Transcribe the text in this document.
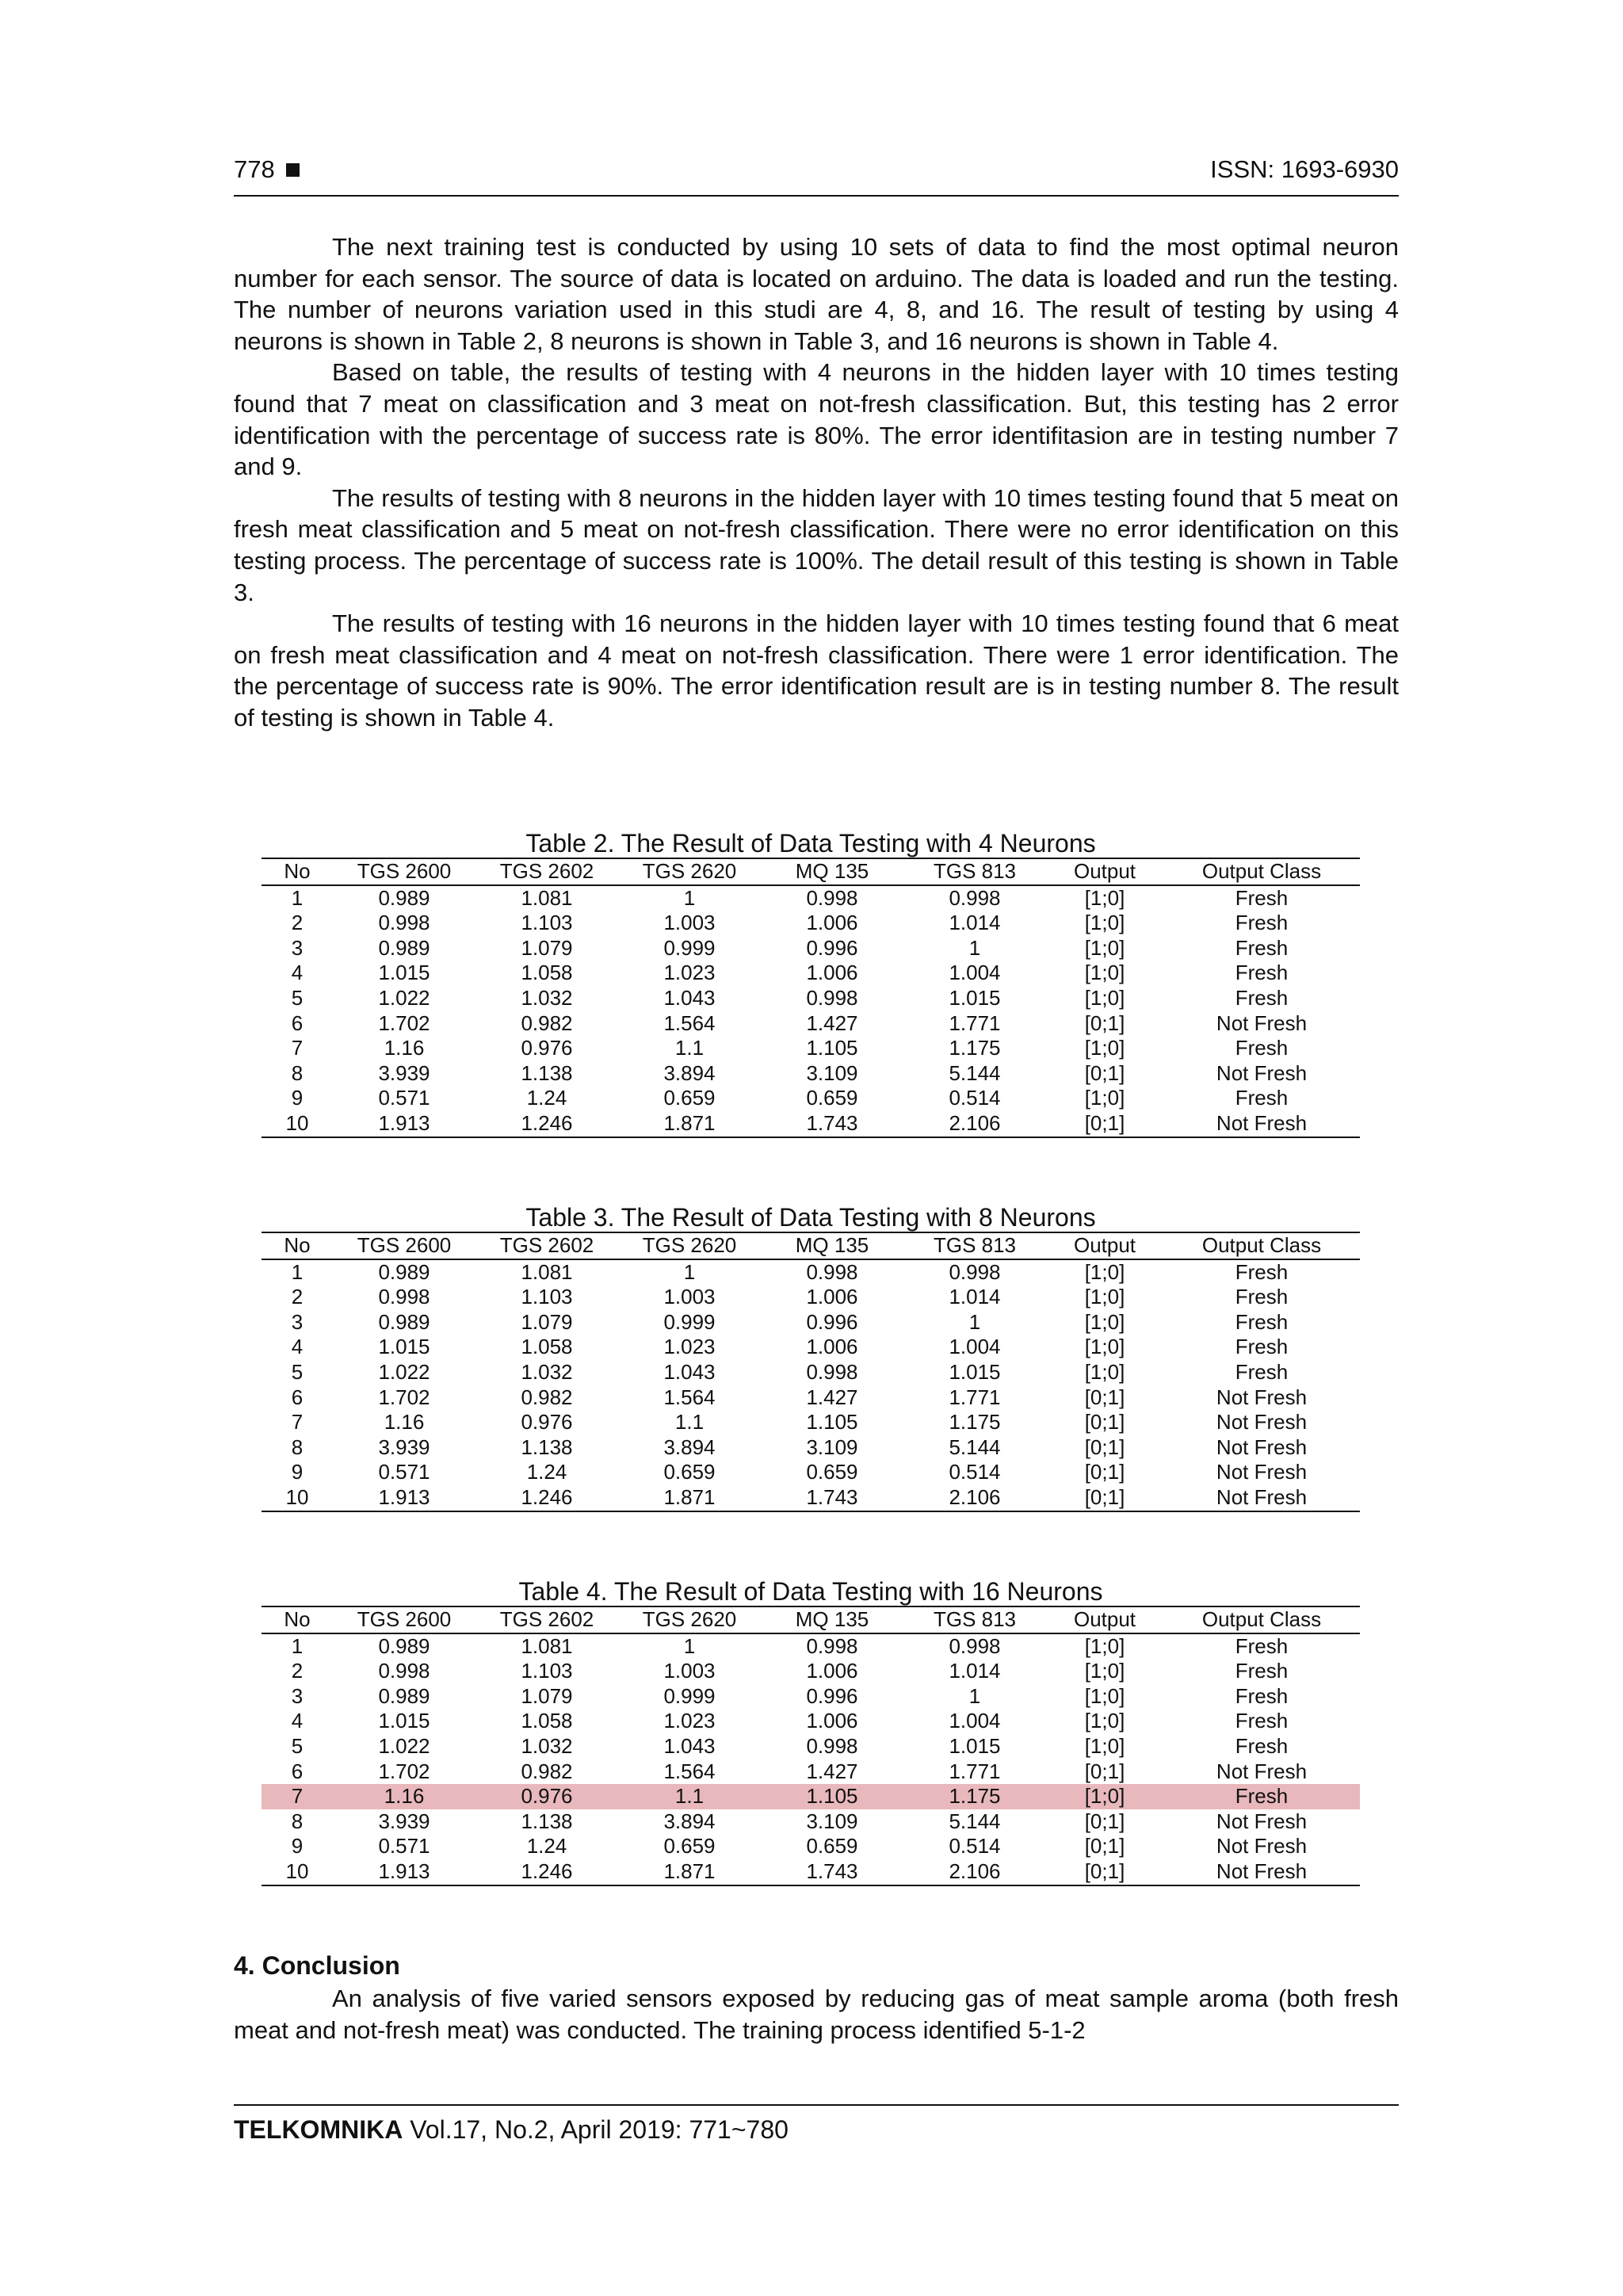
778	ISSN: 1693-6930

The next training test is conducted by using 10 sets of data to find the most optimal neuron number for each sensor. The source of data is located on arduino. The data is loaded and run the testing. The number of neurons variation used in this studi are 4, 8, and 16. The result of testing by using 4 neurons is shown in Table 2, 8 neurons is shown in Table 3, and 16 neurons is shown in Table 4.

Based on table, the results of testing with 4 neurons in the hidden layer with 10 times testing found that 7 meat on classification and 3 meat on not-fresh classification. But, this testing has 2 error identification with the percentage of success rate is 80%. The error identifitasion are in testing number 7 and 9.

The results of testing with 8 neurons in the hidden layer with 10 times testing found that 5 meat on fresh meat classification and 5 meat on not-fresh classification. There were no error identification on this testing process. The percentage of success rate is 100%. The detail result of this testing is shown in Table 3.

The results of testing with 16 neurons in the hidden layer with 10 times testing found that 6 meat on fresh meat classification and 4 meat on not-fresh classification. There were 1 error identification. The the percentage of success rate is 90%. The error identification result are is in testing number 8. The result of testing is shown in Table 4.

Table 2. The Result of Data Testing with 4 Neurons
No	TGS 2600	TGS 2602	TGS 2620	MQ 135	TGS 813	Output	Output Class
1	0.989	1.081	1	0.998	0.998	[1;0]	Fresh
2	0.998	1.103	1.003	1.006	1.014	[1;0]	Fresh
3	0.989	1.079	0.999	0.996	1	[1;0]	Fresh
4	1.015	1.058	1.023	1.006	1.004	[1;0]	Fresh
5	1.022	1.032	1.043	0.998	1.015	[1;0]	Fresh
6	1.702	0.982	1.564	1.427	1.771	[0;1]	Not Fresh
7	1.16	0.976	1.1	1.105	1.175	[1;0]	Fresh
8	3.939	1.138	3.894	3.109	5.144	[0;1]	Not Fresh
9	0.571	1.24	0.659	0.659	0.514	[1;0]	Fresh
10	1.913	1.246	1.871	1.743	2.106	[0;1]	Not Fresh
Table 3. The Result of Data Testing with 8 Neurons
No	TGS 2600	TGS 2602	TGS 2620	MQ 135	TGS 813	Output	Output Class
1	0.989	1.081	1	0.998	0.998	[1;0]	Fresh
2	0.998	1.103	1.003	1.006	1.014	[1;0]	Fresh
3	0.989	1.079	0.999	0.996	1	[1;0]	Fresh
4	1.015	1.058	1.023	1.006	1.004	[1;0]	Fresh
5	1.022	1.032	1.043	0.998	1.015	[1;0]	Fresh
6	1.702	0.982	1.564	1.427	1.771	[0;1]	Not Fresh
7	1.16	0.976	1.1	1.105	1.175	[0;1]	Not Fresh
8	3.939	1.138	3.894	3.109	5.144	[0;1]	Not Fresh
9	0.571	1.24	0.659	0.659	0.514	[0;1]	Not Fresh
10	1.913	1.246	1.871	1.743	2.106	[0;1]	Not Fresh
Table 4. The Result of Data Testing with 16 Neurons
No	TGS 2600	TGS 2602	TGS 2620	MQ 135	TGS 813	Output	Output Class
1	0.989	1.081	1	0.998	0.998	[1;0]	Fresh
2	0.998	1.103	1.003	1.006	1.014	[1;0]	Fresh
3	0.989	1.079	0.999	0.996	1	[1;0]	Fresh
4	1.015	1.058	1.023	1.006	1.004	[1;0]	Fresh
5	1.022	1.032	1.043	0.998	1.015	[1;0]	Fresh
6	1.702	0.982	1.564	1.427	1.771	[0;1]	Not Fresh
7	1.16	0.976	1.1	1.105	1.175	[1;0]	Fresh
8	3.939	1.138	3.894	3.109	5.144	[0;1]	Not Fresh
9	0.571	1.24	0.659	0.659	0.514	[0;1]	Not Fresh
10	1.913	1.246	1.871	1.743	2.106	[0;1]	Not Fresh
4. Conclusion

An analysis of five varied sensors exposed by reducing gas of meat sample aroma (both fresh meat and not-fresh meat) was conducted. The training process identified 5-1-2

TELKOMNIKA Vol.17, No.2, April 2019: 771~780
